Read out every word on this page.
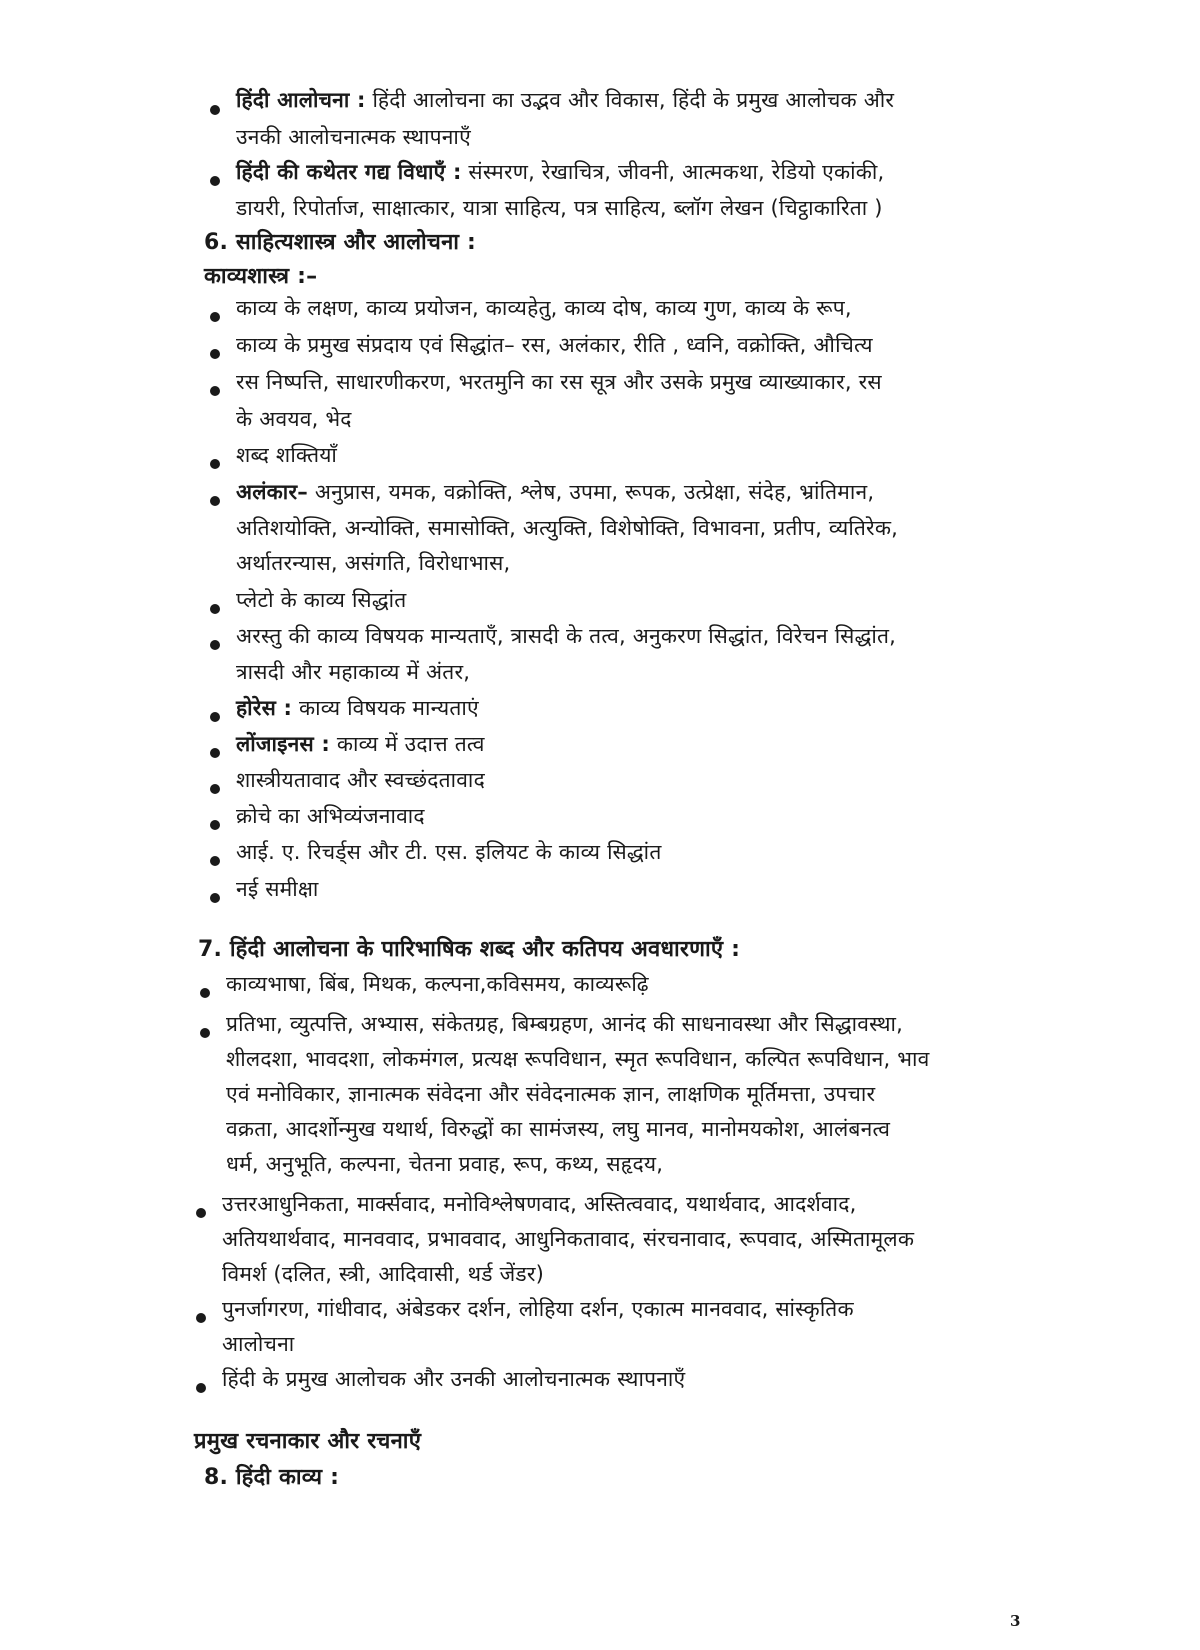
हिंदी आलोचना : हिंदी आलोचना का उद्भव और विकास, हिंदी के प्रमुख आलोचक और
उनकी आलोचनात्मक स्थापनाएँ
हिंदी की कथेतर गद्य विधाएँ : संस्मरण, रेखाचित्र, जीवनी, आत्मकथा, रेडियो एकांकी,
डायरी, रिपोर्ताज, साक्षात्कार, यात्रा साहित्य, पत्र साहित्य, ब्लॉग लेखन (चिट्ठाकारिता )
6. साहित्यशास्त्र और आलोचना :
काव्यशास्त्र :–
काव्य के लक्षण, काव्य प्रयोजन, काव्यहेतु, काव्य दोष, काव्य गुण, काव्य के रूप,
काव्य के प्रमुख संप्रदाय एवं सिद्धांत– रस, अलंकार, रीति , ध्वनि, वक्रोक्ति, औचित्य
रस निष्पत्ति, साधारणीकरण, भरतमुनि का रस सूत्र और उसके प्रमुख व्याख्याकार, रस
के अवयव, भेद
शब्द शक्तियाँ
अलंकार– अनुप्रास, यमक, वक्रोक्ति, श्लेष, उपमा, रूपक, उत्प्रेक्षा, संदेह, भ्रांतिमान,
अतिशयोक्ति, अन्योक्ति, समासोक्ति, अत्युक्ति, विशेषोक्ति, विभावना, प्रतीप, व्यतिरेक,
अर्थातरन्यास, असंगति, विरोधाभास,
प्लेटो के काव्य सिद्धांत
अरस्तु की काव्य विषयक मान्यताएँ, त्रासदी के तत्व, अनुकरण सिद्धांत, विरेचन सिद्धांत,
त्रासदी और महाकाव्य में अंतर,
होरेस : काव्य विषयक मान्यताएं
लोंजाइनस : काव्य में उदात्त तत्व
शास्त्रीयतावाद और स्वच्छंदतावाद
क्रोचे का अभिव्यंजनावाद
आई. ए. रिचर्ड्स और टी. एस. इलियट के काव्य सिद्धांत
नई समीक्षा
7. हिंदी आलोचना के पारिभाषिक शब्द और कतिपय अवधारणाएँ :
काव्यभाषा, बिंब, मिथक, कल्पना,कविसमय, काव्यरूढ़ि
प्रतिभा, व्युत्पत्ति, अभ्यास, संकेतग्रह, बिम्बग्रहण, आनंद की साधनावस्था और सिद्धावस्था,
शीलदशा, भावदशा, लोकमंगल, प्रत्यक्ष रूपविधान, स्मृत रूपविधान, कल्पित रूपविधान, भाव
एवं मनोविकार, ज्ञानात्मक संवेदना और संवेदनात्मक ज्ञान, लाक्षणिक मूर्तिमत्ता, उपचार
वक्रता, आदर्शोन्मुख यथार्थ, विरुद्धों का सामंजस्य, लघु मानव, मानोमयकोश, आलंबनत्व
धर्म, अनुभूति, कल्पना, चेतना प्रवाह, रूप, कथ्य, सहृदय,
उत्तरआधुनिकता, मार्क्सवाद, मनोविश्लेषणवाद, अस्तित्ववाद, यथार्थवाद, आदर्शवाद,
अतियथार्थवाद, मानववाद, प्रभाववाद, आधुनिकतावाद, संरचनावाद, रूपवाद, अस्मितामूलक
विमर्श (दलित, स्त्री, आदिवासी, थर्ड जेंडर)
पुनर्जागरण, गांधीवाद, अंबेडकर दर्शन, लोहिया दर्शन, एकात्म मानववाद, सांस्कृतिक
आलोचना
हिंदी के प्रमुख आलोचक और उनकी आलोचनात्मक स्थापनाएँ
प्रमुख रचनाकार और रचनाएँ
8. हिंदी काव्य :
3
